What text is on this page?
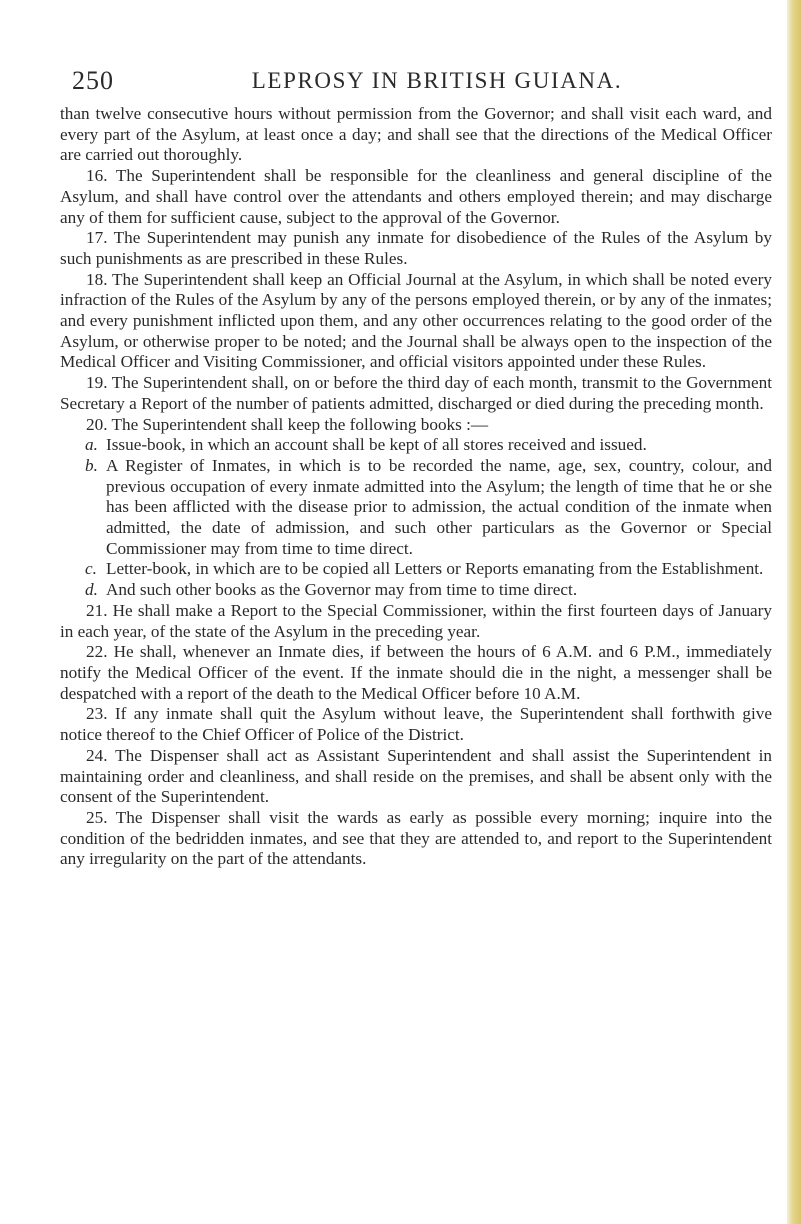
250	LEPROSY IN BRITISH GUIANA.

than twelve consecutive hours without permission from the Governor; and shall visit each ward, and every part of the Asylum, at least once a day; and shall see that the directions of the Medical Officer are carried out thoroughly.

16. The Superintendent shall be responsible for the cleanliness and general discipline of the Asylum, and shall have control over the attendants and others employed therein; and may discharge any of them for sufficient cause, subject to the approval of the Governor.

17. The Superintendent may punish any inmate for disobedience of the Rules of the Asylum by such punishments as are prescribed in these Rules.

18. The Superintendent shall keep an Official Journal at the Asylum, in which shall be noted every infraction of the Rules of the Asylum by any of the persons employed therein, or by any of the inmates; and every punishment inflicted upon them, and any other occurrences relating to the good order of the Asylum, or otherwise proper to be noted; and the Journal shall be always open to the inspection of the Medical Officer and Visiting Commissioner, and official visitors appointed under these Rules.

19. The Superintendent shall, on or before the third day of each month, transmit to the Government Secretary a Report of the number of patients admitted, discharged or died during the preceding month.

20. The Superintendent shall keep the following books :—

a. Issue-book, in which an account shall be kept of all stores received and issued.

b. A Register of Inmates, in which is to be recorded the name, age, sex, country, colour, and previous occupation of every inmate admitted into the Asylum; the length of time that he or she has been afflicted with the disease prior to admission, the actual condition of the inmate when admitted, the date of admission, and such other particulars as the Governor or Special Commissioner may from time to time direct.

c. Letter-book, in which are to be copied all Letters or Reports emanating from the Establishment.

d. And such other books as the Governor may from time to time direct.

21. He shall make a Report to the Special Commissioner, within the first fourteen days of January in each year, of the state of the Asylum in the preceding year.

22. He shall, whenever an Inmate dies, if between the hours of 6 A.M. and 6 P.M., immediately notify the Medical Officer of the event. If the inmate should die in the night, a messenger shall be despatched with a report of the death to the Medical Officer before 10 A.M.

23. If any inmate shall quit the Asylum without leave, the Superintendent shall forthwith give notice thereof to the Chief Officer of Police of the District.

24. The Dispenser shall act as Assistant Superintendent and shall assist the Superintendent in maintaining order and cleanliness, and shall reside on the premises, and shall be absent only with the consent of the Superintendent.

25. The Dispenser shall visit the wards as early as possible every morning; inquire into the condition of the bedridden inmates, and see that they are attended to, and report to the Superintendent any irregularity on the part of the attendants.
